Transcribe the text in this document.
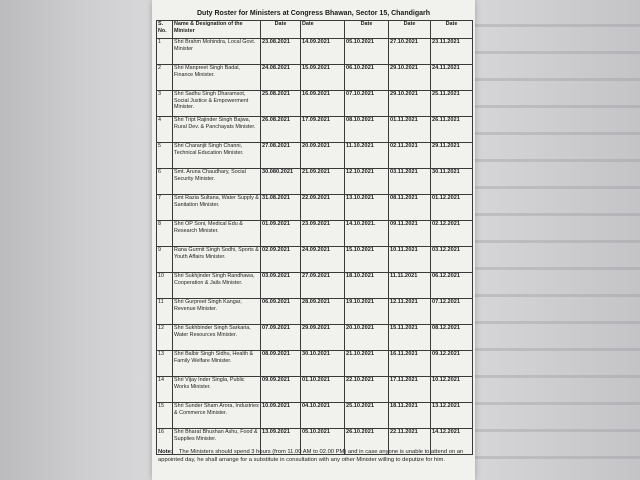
Duty Roster for Ministers at Congress Bhawan, Sector 15, Chandigarh
S. No.	Name & Designation of the Minister	Date	Date	Date	Date	Date
1	Shri Brahm Mohindra, Local Govt. Minister	23.08.2021	14.09.2021	05.10.2021	27.10.2021	23.11.2021
2	Shri Manpreet Singh Badal, Finance Minister.	24.08.2021	15.09.2021	06.10.2021	29.10.2021	24.11.2021
3	Shri Sadhu Singh Dharamsot, Social Justice & Empowerment Minister.	25.08.2021	16.09.2021	07.10.2021	29.10.2021	25.11.2021
4	Shri Tript Rajinder Singh Bajwa, Rural Dev. & Panchayats Minister.	26.08.2021	17.09.2021	08.10.2021	01.11.2021	26.11.2021
5	Shri Charanjit Singh Channi, Technical Education Minister.	27.08.2021	20.09.2021	11.10.2021	02.11.2021	29.11.2021
6	Smt. Aruna Chaudhary, Social Security Minister.	30.080.2021	21.09.2021	12.10.2021	03.11.2021	30.11.2021
7	Smt Razia Sultana, Water Supply & Sanitation Minister.	31.08.2021	22.09.2021	13.10.2021	08.11.2021	01.12.2021
8	Shri OP Soni, Medical Edu & Research Minister.	01.09.2021	23.09.2021	14.10.2021.	09.11.2021	02.12.2021
9	Rana Gurmit Singh Sodhi, Sports & Youth Affairs Minister.	02.09.2021	24.09.2021	15.10.2021	10.11.2021	03.12.2021
10	Shri Sukhjinder Singh Randhawa, Cooperation & Jails Minister.	03.09.2021	27.09.2021	18.10.2021	11.11.2021	06.12.2021
11	Shri Gurpreet Singh Kangar, Revenue Minister.	06.09.2021	28.09.2021	19.10.2021	12.11.2021	07.12.2021
12	Shri Sukhbinder Singh Sarkaria, Water Resources Minister.	07.09.2021	29.09.2021	20.10.2021	15.11.2021	08.12.2021
13	Shri Balbir Singh Sidhu, Health & Family Welfare Minister.	08.09.2021	30.10.2021	21.10.2021	16.11.2021	09.12.2021
14	Shri Vijay Inder Singla, Public Works Minister.	09.09.2021	01.10.2021	22.10.2021	17.11.2021	10.12.2021
15	Shri Sunder Sham Arora, Industries & Commerce Minister.	10.09.2021	04.10.2021	25.10.2021	18.11.2021	13.12.2021
16	Shri Bharat Bhushan Ashu, Food & Supplies Minister.	13.09.2021	05.10.2021	26.10.2021	22.11.2021	14.12.2021
Note: The Ministers should spend 3 hours (from 11.00 AM to 02.00 PM) and in case anyone is unable to attend on an appointed day, he shall arrange for a substitute in consultation with any other Minister willing to deputize for him.
